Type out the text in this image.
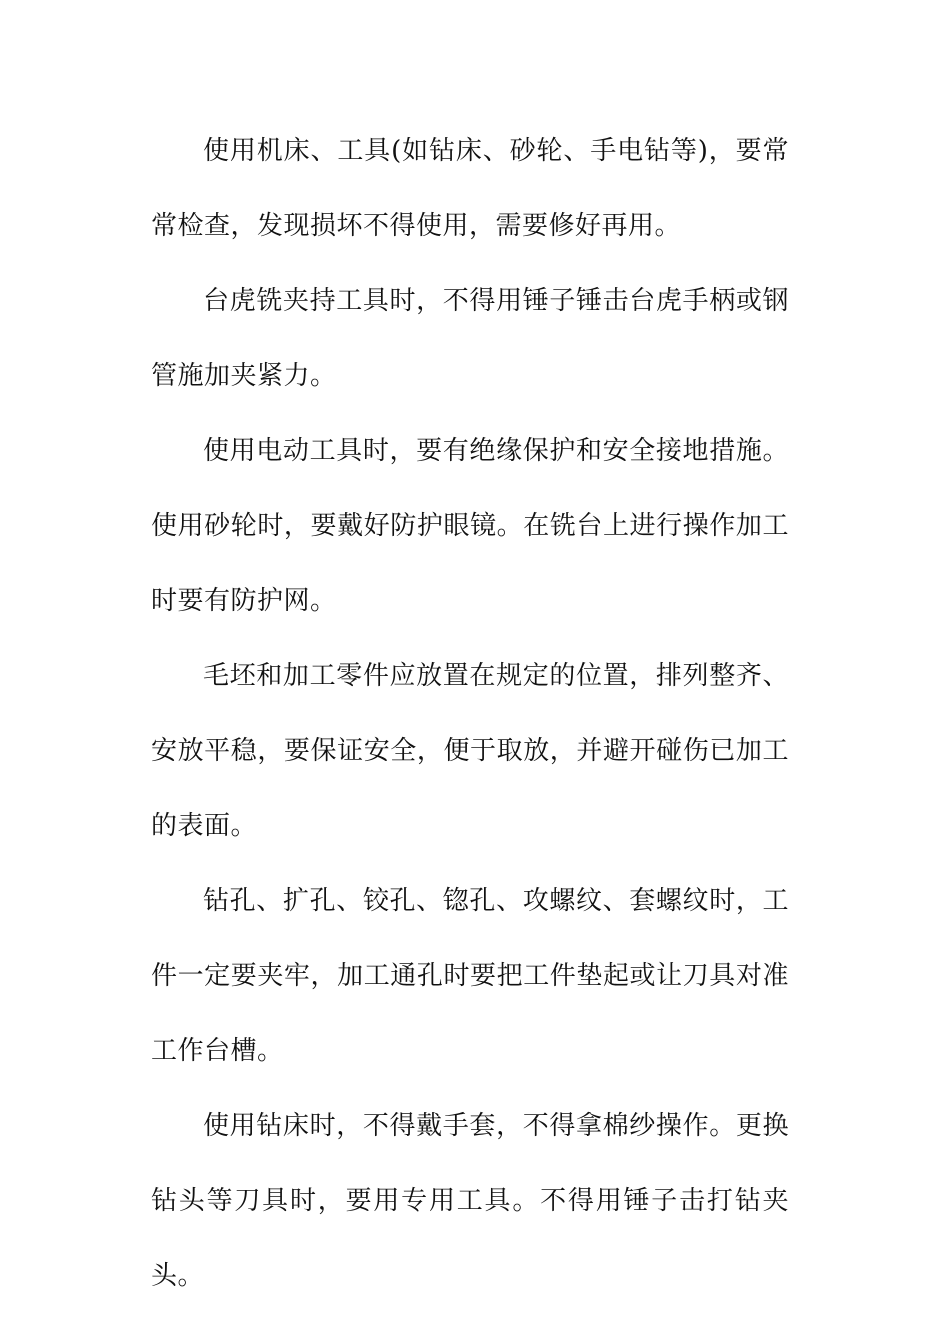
使用机床、工具(如钻床、砂轮、手电钻等)，要常常检查，发现损坏不得使用，需要修好再用。

台虎铣夹持工具时，不得用锤子锤击台虎手柄或钢管施加夹紧力。

使用电动工具时，要有绝缘保护和安全接地措施。使用砂轮时，要戴好防护眼镜。在铣台上进行操作加工时要有防护网。

毛坯和加工零件应放置在规定的位置，排列整齐、安放平稳，要保证安全，便于取放，并避开碰伤已加工的表面。

钻孔、扩孔、铰孔、锪孔、攻螺纹、套螺纹时，工件一定要夹牢，加工通孔时要把工件垫起或让刀具对准工作台槽。

使用钻床时，不得戴手套，不得拿棉纱操作。更换钻头等刀具时，要用专用工具。不得用锤子击打钻夹头。
